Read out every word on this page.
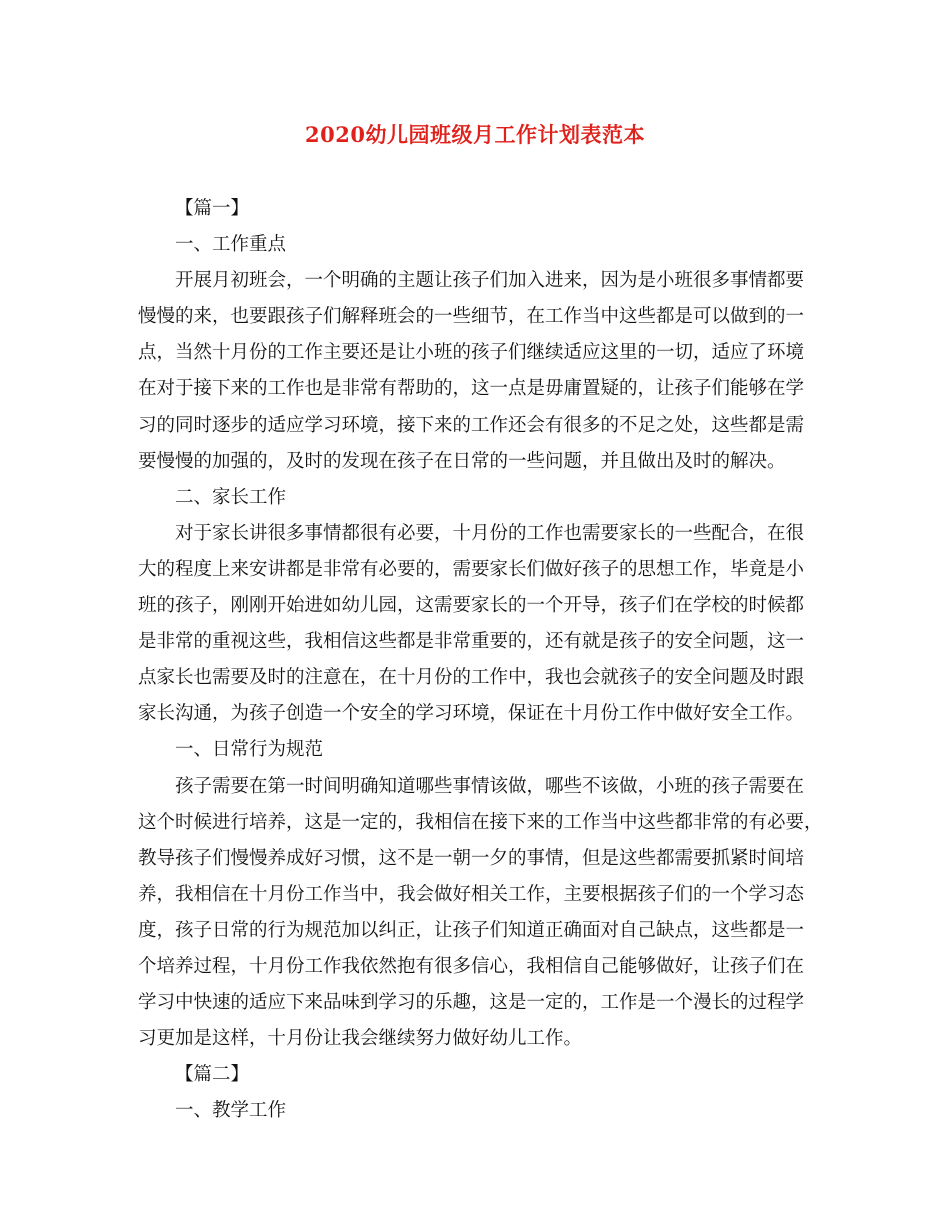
2020幼儿园班级月工作计划表范本
【篇一】
一、工作重点
开展月初班会，一个明确的主题让孩子们加入进来，因为是小班很多事情都要
慢慢的来，也要跟孩子们解释班会的一些细节，在工作当中这些都是可以做到的一
点，当然十月份的工作主要还是让小班的孩子们继续适应这里的一切，适应了环境
在对于接下来的工作也是非常有帮助的，这一点是毋庸置疑的，让孩子们能够在学
习的同时逐步的适应学习环境，接下来的工作还会有很多的不足之处，这些都是需
要慢慢的加强的，及时的发现在孩子在日常的一些问题，并且做出及时的解决。
二、家长工作
对于家长讲很多事情都很有必要，十月份的工作也需要家长的一些配合，在很
大的程度上来安讲都是非常有必要的，需要家长们做好孩子的思想工作，毕竟是小
班的孩子，刚刚开始进如幼儿园，这需要家长的一个开导，孩子们在学校的时候都
是非常的重视这些，我相信这些都是非常重要的，还有就是孩子的安全问题，这一
点家长也需要及时的注意在，在十月份的工作中，我也会就孩子的安全问题及时跟
家长沟通，为孩子创造一个安全的学习环境，保证在十月份工作中做好安全工作。
一、日常行为规范
孩子需要在第一时间明确知道哪些事情该做，哪些不该做，小班的孩子需要在
这个时候进行培养，这是一定的，我相信在接下来的工作当中这些都非常的有必要，
教导孩子们慢慢养成好习惯，这不是一朝一夕的事情，但是这些都需要抓紧时间培
养，我相信在十月份工作当中，我会做好相关工作，主要根据孩子们的一个学习态
度，孩子日常的行为规范加以纠正，让孩子们知道正确面对自己缺点，这些都是一
个培养过程，十月份工作我依然抱有很多信心，我相信自己能够做好，让孩子们在
学习中快速的适应下来品味到学习的乐趣，这是一定的，工作是一个漫长的过程学
习更加是这样，十月份让我会继续努力做好幼儿工作。
【篇二】
一、教学工作
